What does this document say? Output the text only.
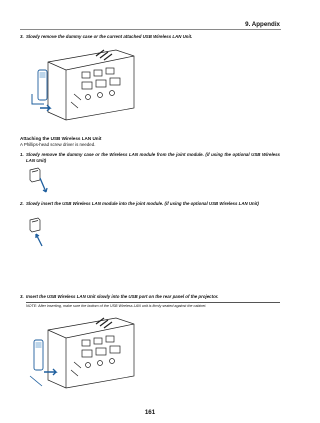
9. Appendix
3. Slowly remove the dummy case or the current attached USB Wireless LAN Unit.
Attaching the USB Wireless LAN Unit
A Phillips-head screw driver is needed.
1. Slowly remove the dummy case or the Wireless LAN module from the joint module. (if using the optional USB Wireless LAN Unit)
2. Slowly insert the USB Wireless LAN module into the joint module. (if using the optional USB Wireless LAN Unit)
3. Insert the USB Wireless LAN Unit slowly into the USB port on the rear panel of the projector.
NOTE: After inserting, make sure the bottom of the USB Wireless LAN unit is firmly seated against the cabinet.
161
